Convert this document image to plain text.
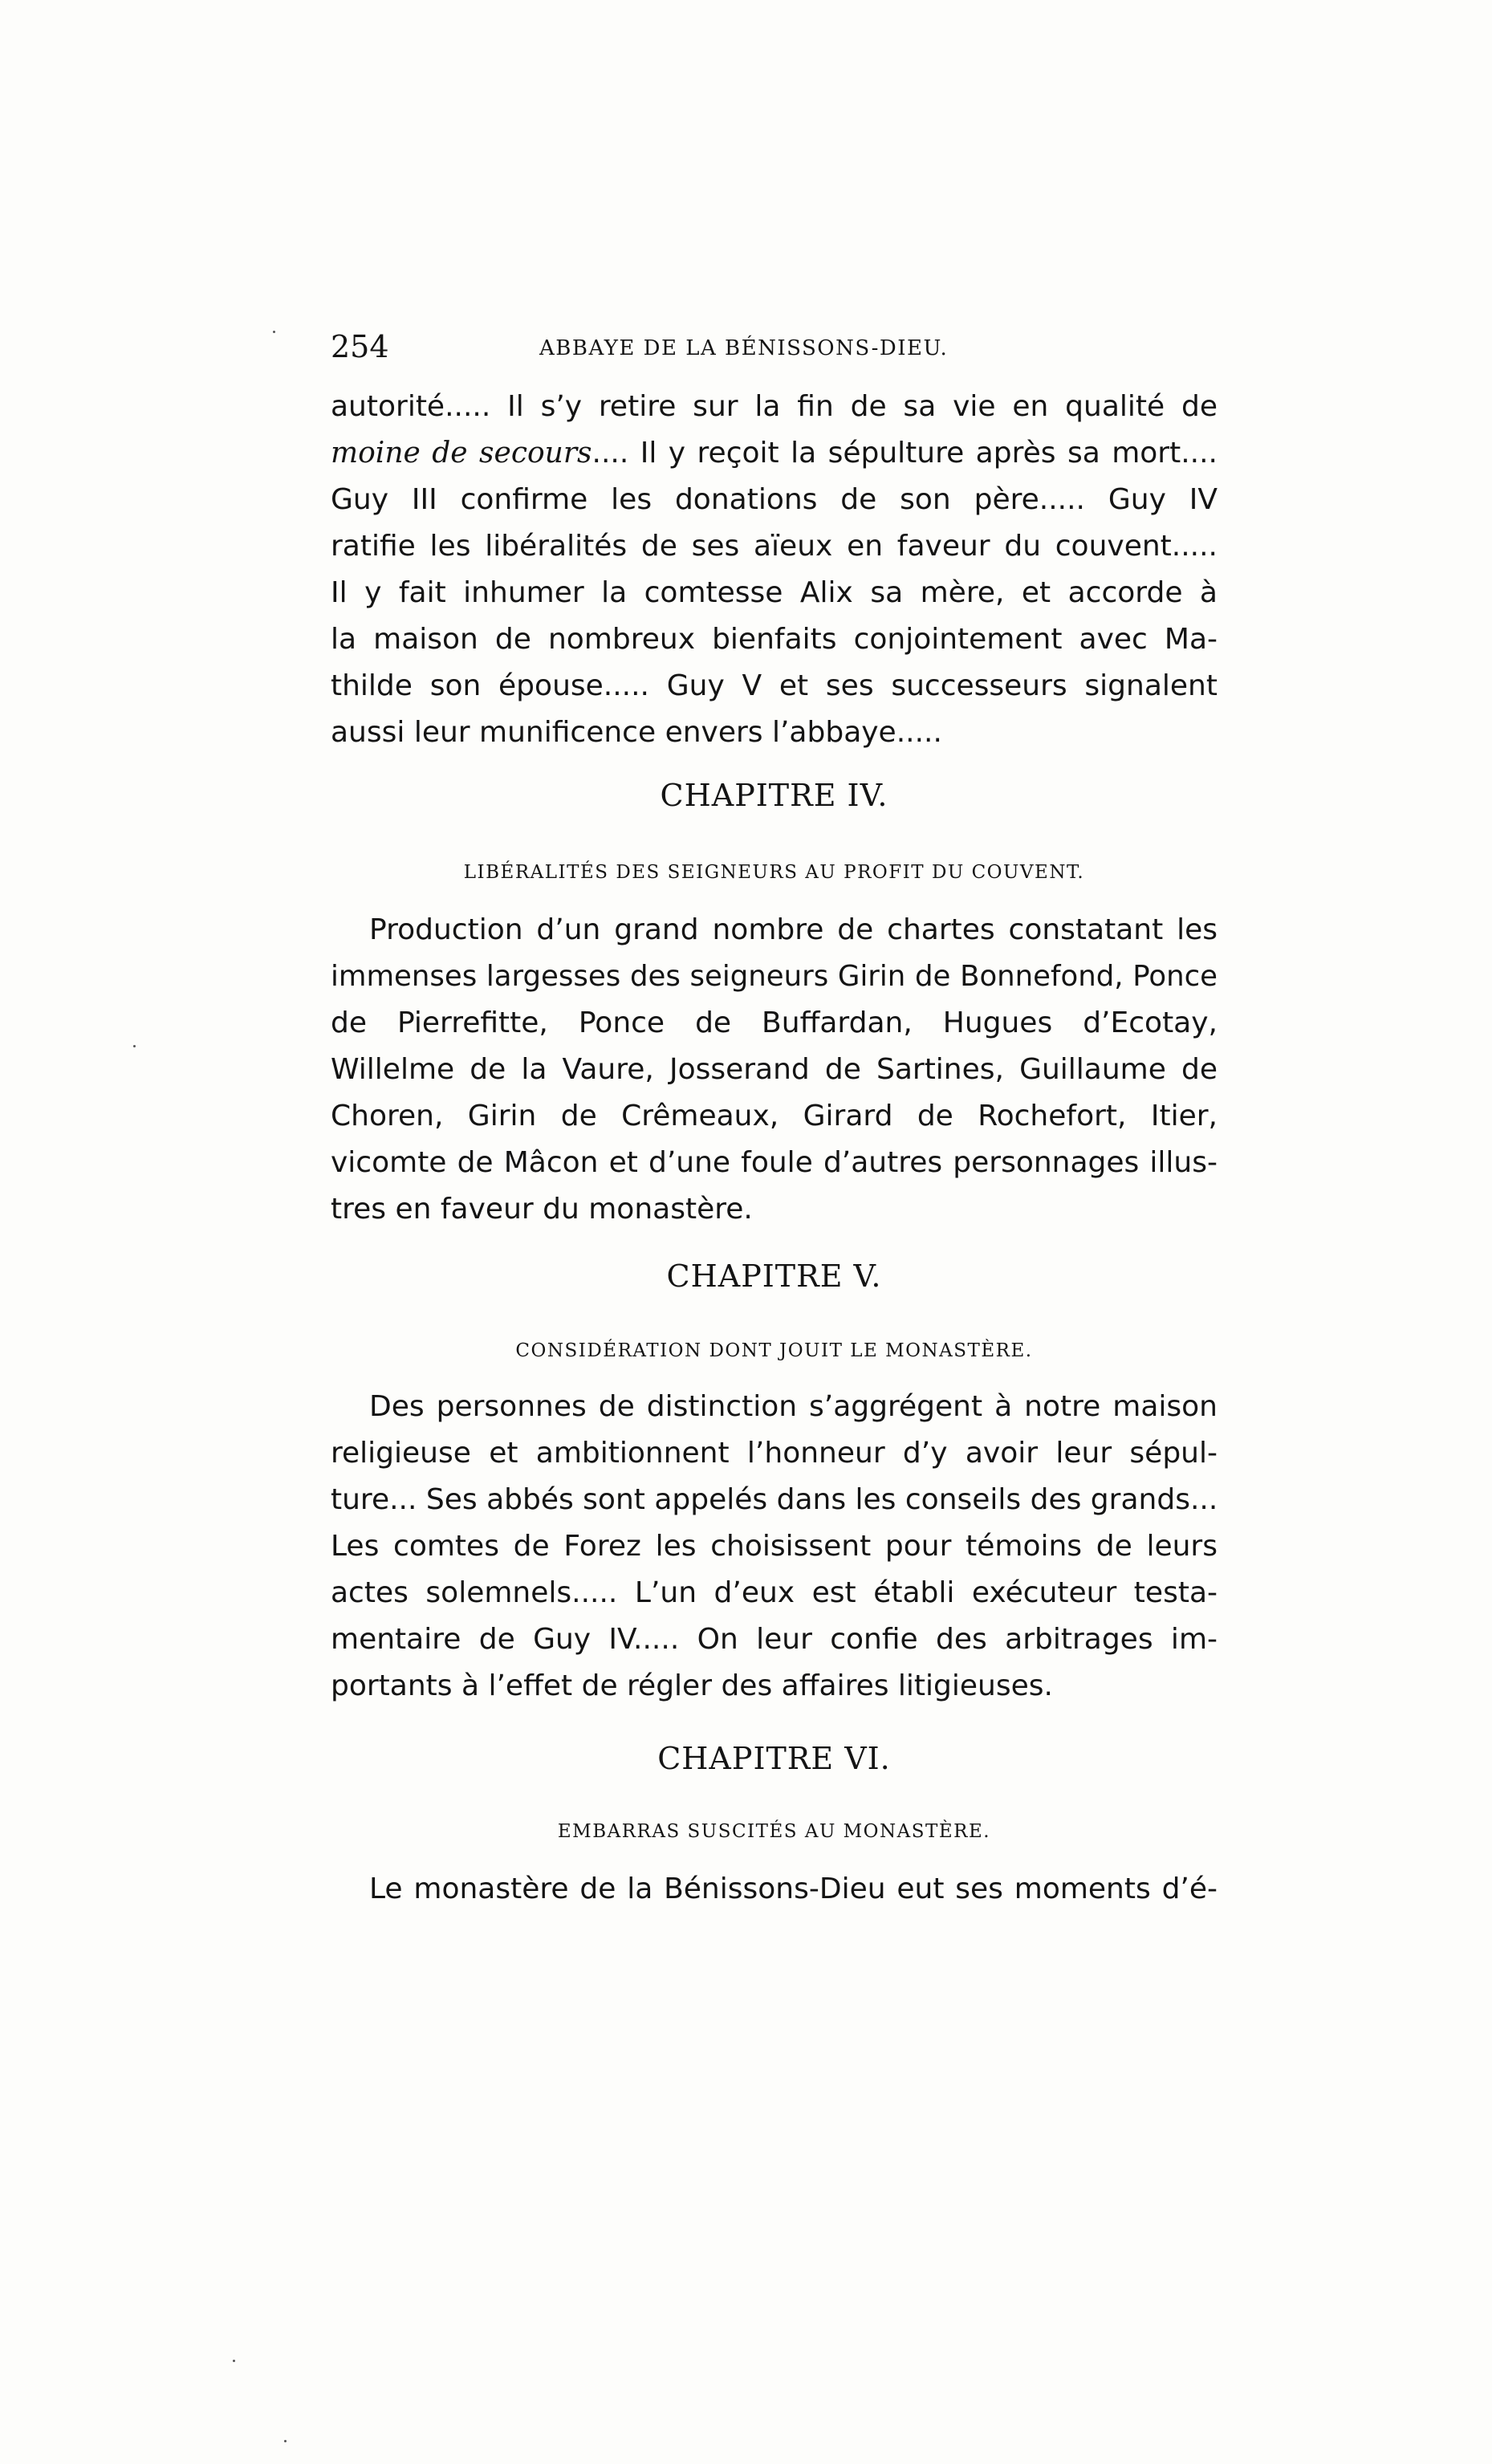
254	ABBAYE DE LA BÉNISSONS-DIEU.
autorité..... Il s’y retire sur la fin de sa vie en qualité de
moine de secours.... Il y reçoit la sépulture après sa mort....
Guy III confirme les donations de son père..... Guy IV
ratifie les libéralités de ses aïeux en faveur du couvent.....
Il y fait inhumer la comtesse Alix sa mère, et accorde à
la maison de nombreux bienfaits conjointement avec Ma-
thilde son épouse..... Guy V et ses successeurs signalent
aussi leur munificence envers l’abbaye.....
CHAPITRE IV.
LIBÉRALITÉS DES SEIGNEURS AU PROFIT DU COUVENT.
Production d’un grand nombre de chartes constatant les
immenses largesses des seigneurs Girin de Bonnefond, Ponce
de Pierrefitte, Ponce de Buffardan, Hugues d’Ecotay,
Willelme de la Vaure, Josserand de Sartines, Guillaume de
Choren, Girin de Crêmeaux, Girard de Rochefort, Itier,
vicomte de Mâcon et d’une foule d’autres personnages illus-
tres en faveur du monastère.
CHAPITRE V.
CONSIDÉRATION DONT JOUIT LE MONASTÈRE.
Des personnes de distinction s’aggrégent à notre maison
religieuse et ambitionnent l’honneur d’y avoir leur sépul-
ture... Ses abbés sont appelés dans les conseils des grands...
Les comtes de Forez les choisissent pour témoins de leurs
actes solemnels..... L’un d’eux est établi exécuteur testa-
mentaire de Guy IV..... On leur confie des arbitrages im-
portants à l’effet de régler des affaires litigieuses.
CHAPITRE VI.
EMBARRAS SUSCITÉS AU MONASTÈRE.
Le monastère de la Bénissons-Dieu eut ses moments d’é-
